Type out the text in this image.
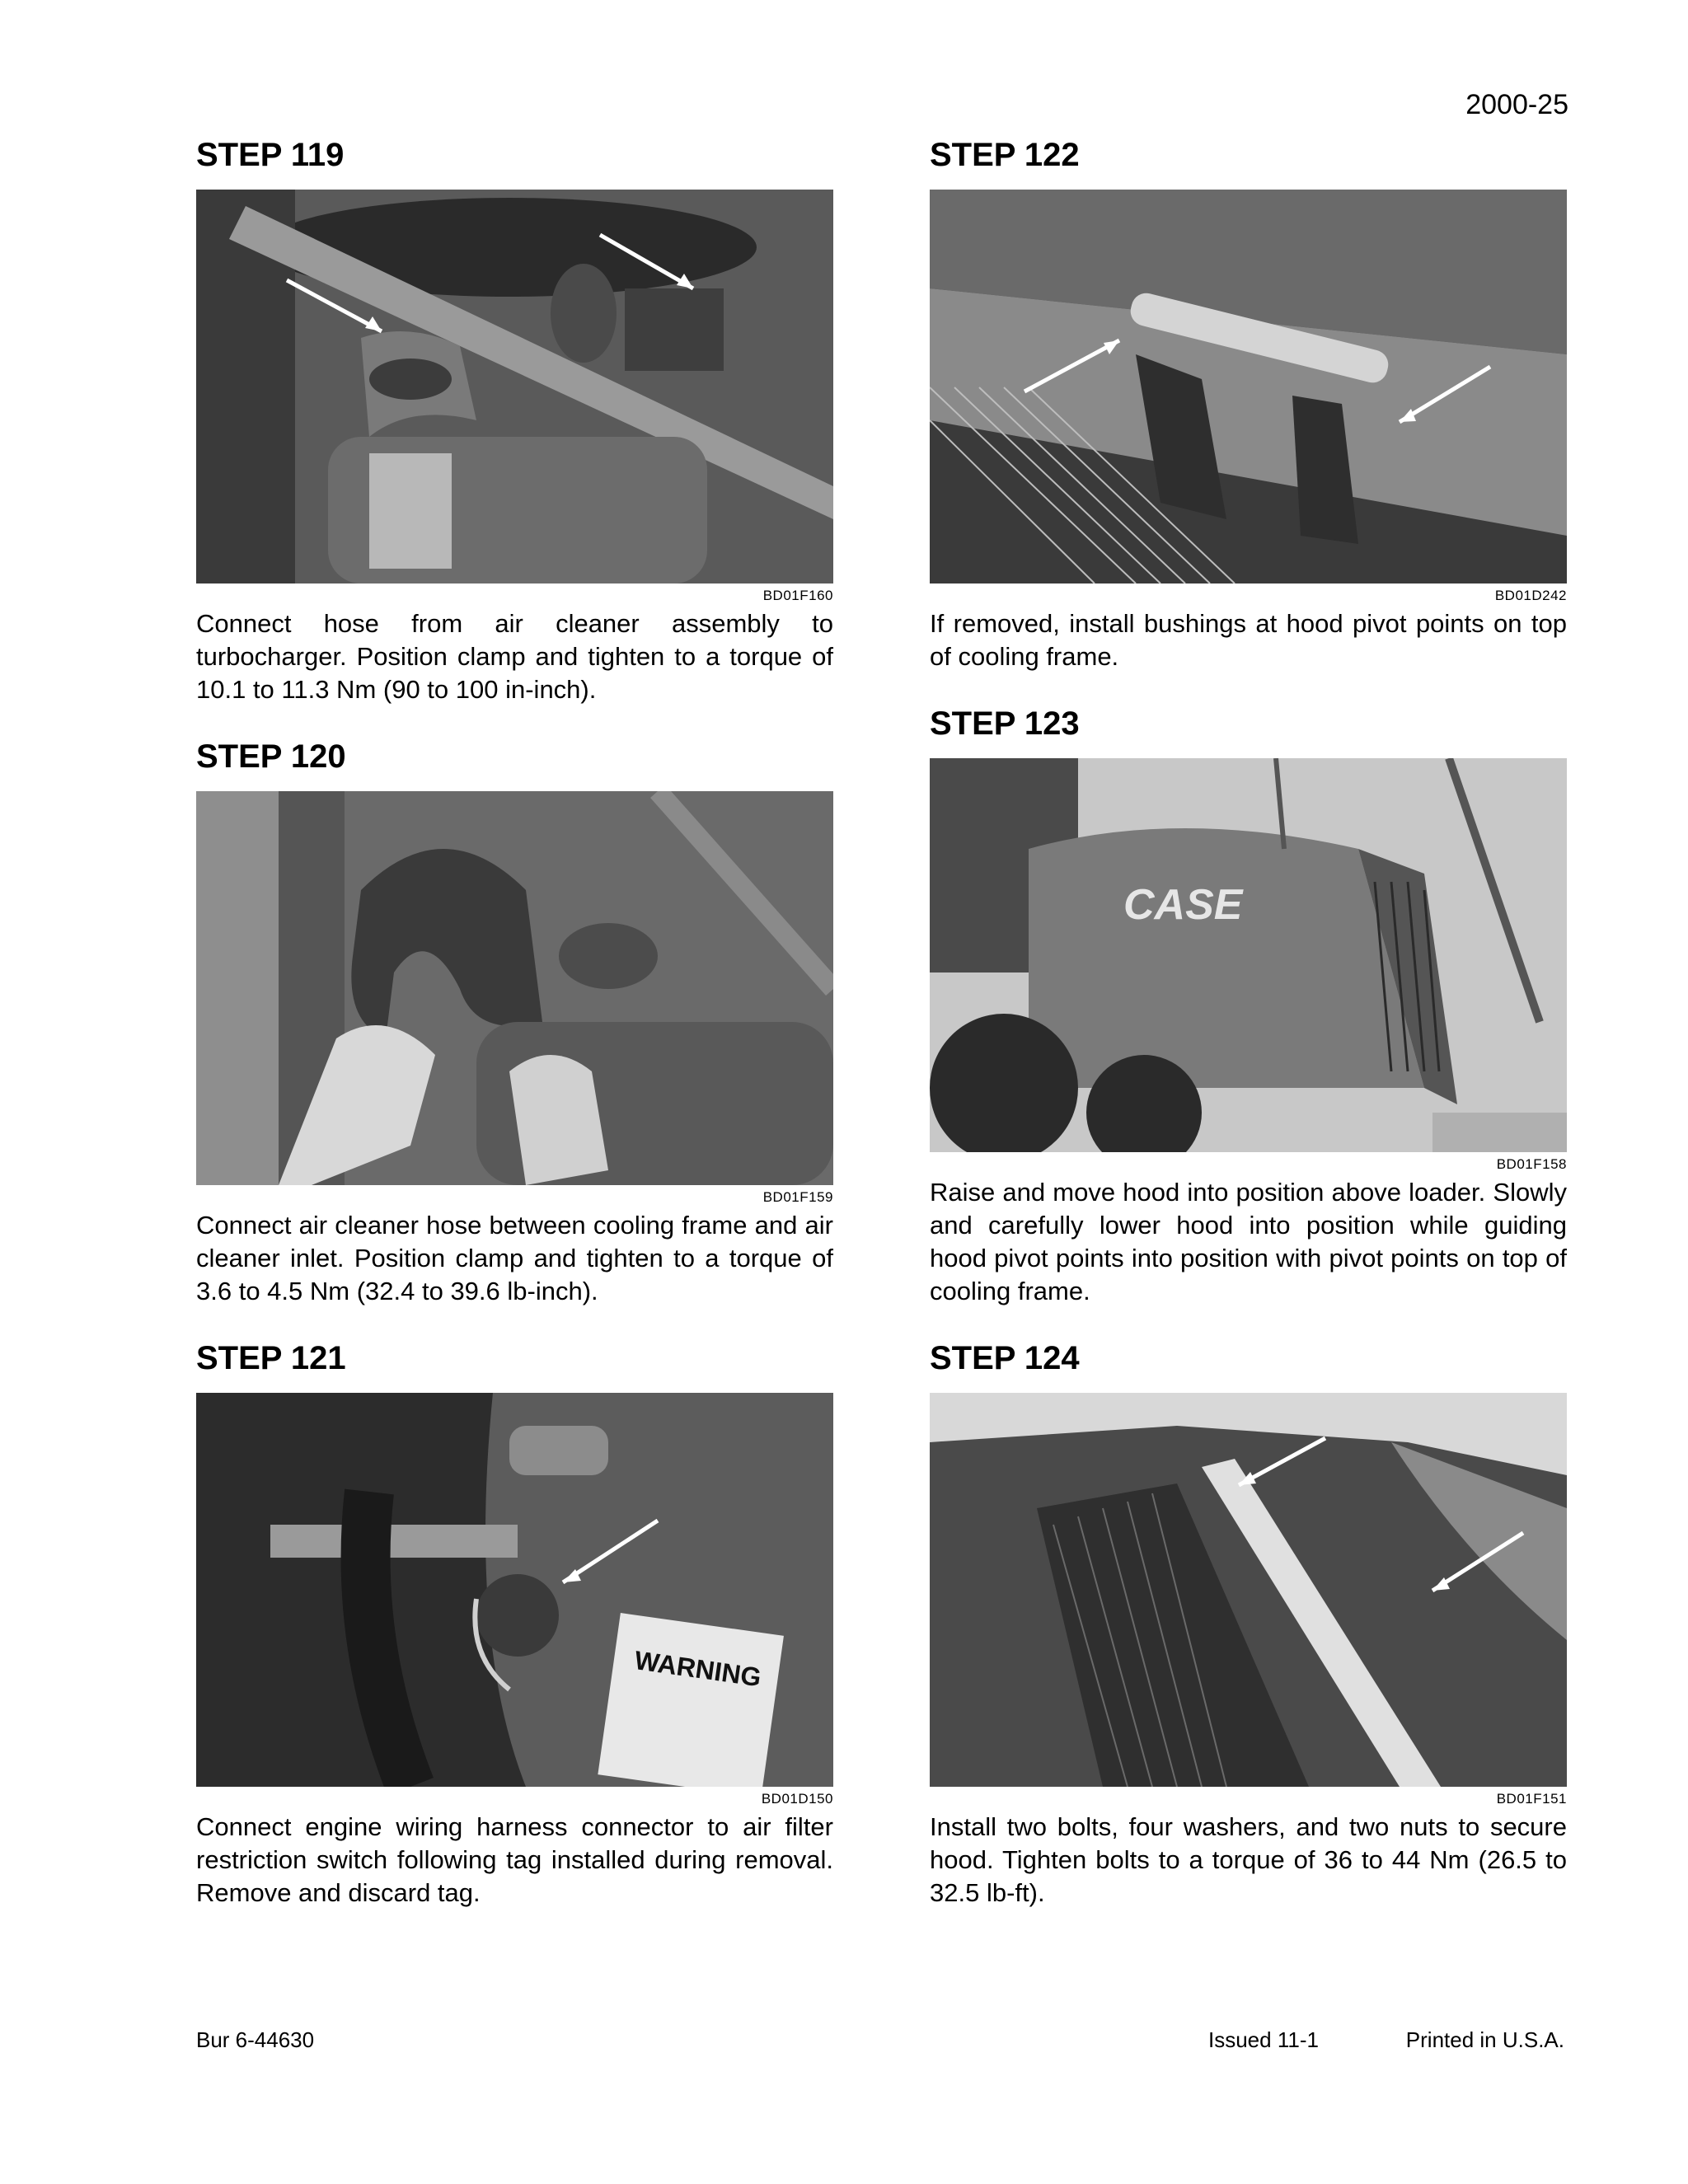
2000-25
STEP 119
BD01F160
Connect hose from air cleaner assembly to turbocharger. Position clamp and tighten to a torque of 10.1 to 11.3 Nm (90 to 100 in-inch).
STEP 120
BD01F159
Connect air cleaner hose between cooling frame and air cleaner inlet. Position clamp and tighten to a torque of 3.6 to 4.5 Nm (32.4 to 39.6 lb-inch).
STEP 121
WARNING
BD01D150
Connect engine wiring harness connector to air filter restriction switch following tag installed during removal. Remove and discard tag.
STEP 122
BD01D242
If removed, install bushings at hood pivot points on top of cooling frame.
STEP 123
CASE
BD01F158
Raise and move hood into position above loader. Slowly and carefully lower hood into position while guiding hood pivot points into position with pivot points on top of cooling frame.
STEP 124
BD01F151
Install two bolts, four washers, and two nuts to secure hood. Tighten bolts to a torque of 36 to 44 Nm (26.5 to 32.5 lb-ft).
Bur 6-44630	Issued 11-1	Printed in U.S.A.
